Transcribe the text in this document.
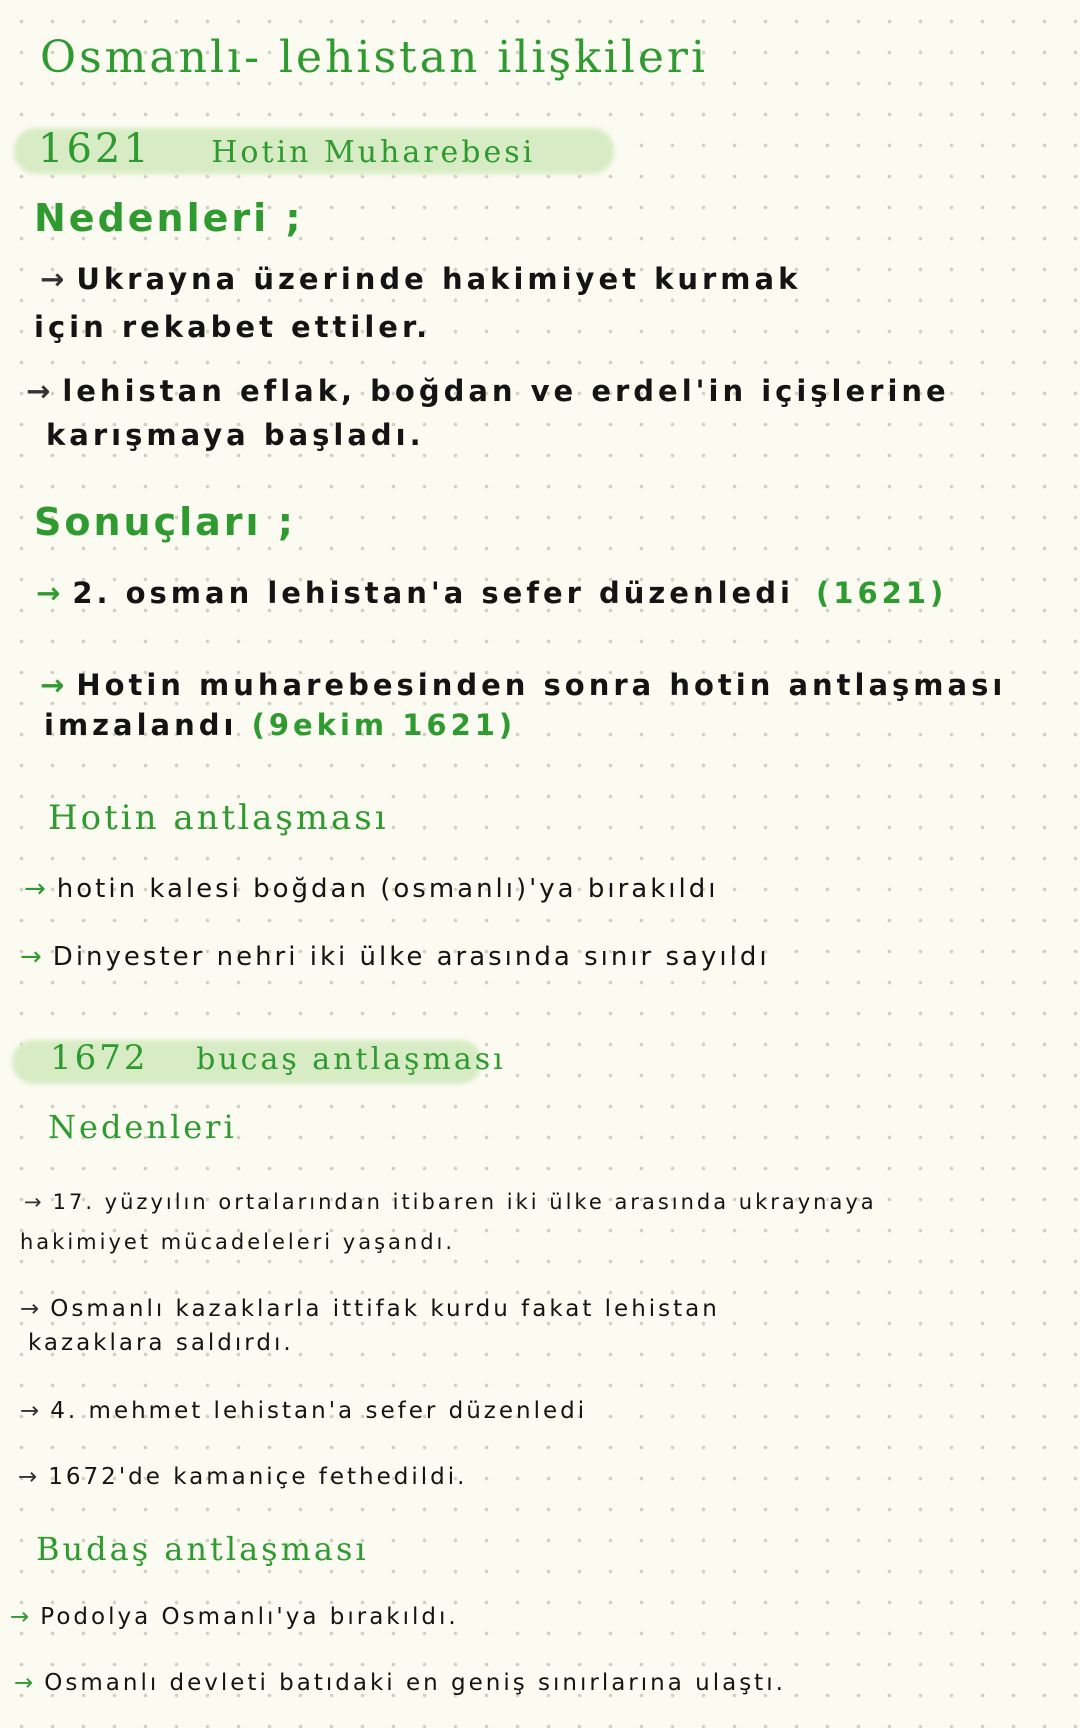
Osmanlı- lehistan ilişkileri
1621 Hotin Muharebesi
Nedenleri ;
→ Ukrayna üzerinde hakimiyet kurmak
için rekabet ettiler.
→ lehistan eflak, boğdan ve erdel'in içişlerine
karışmaya başladı.
Sonuçları ;
→ 2. osman lehistan'a sefer düzenledi (1621)
→ Hotin muharebesinden sonra hotin antlaşması
imzalandı (9ekim 1621)
Hotin antlaşması
→ hotin kalesi boğdan (osmanlı)'ya bırakıldı
→ Dinyester nehri iki ülke arasında sınır sayıldı
1672 bucaş antlaşması
Nedenleri
→ 17. yüzyılın ortalarından itibaren iki ülke arasında ukraynaya
hakimiyet mücadeleleri yaşandı.
→ Osmanlı kazaklarla ittifak kurdu fakat lehistan
kazaklara saldırdı.
→ 4. mehmet lehistan'a sefer düzenledi
→ 1672'de kamaniçe fethedildi.
Budaş antlaşması
→ Podolya Osmanlı'ya bırakıldı.
→ Osmanlı devleti batıdaki en geniş sınırlarına ulaştı.
